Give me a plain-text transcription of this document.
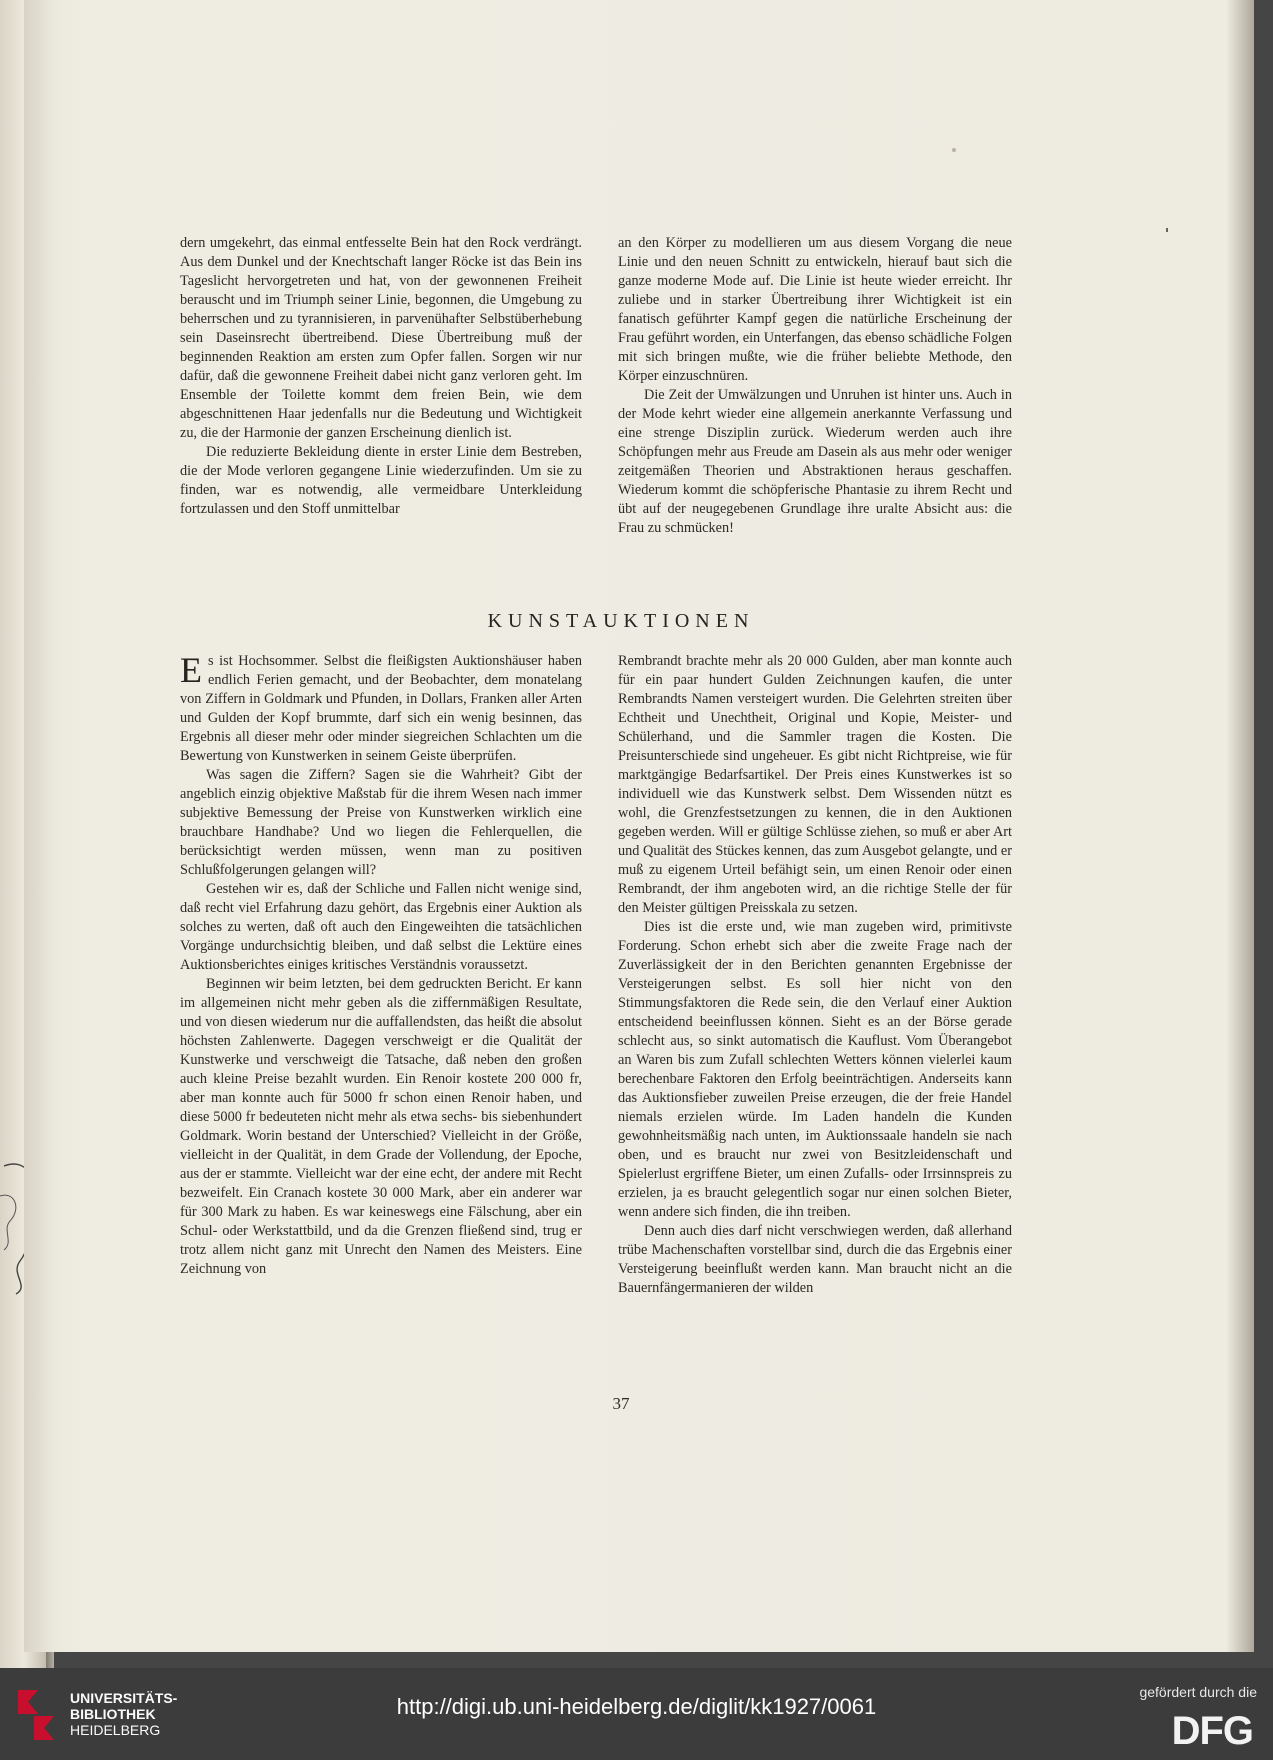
dern umgekehrt, das einmal entfesselte Bein hat den Rock verdrängt. Aus dem Dunkel und der Knechtschaft langer Röcke ist das Bein ins Tageslicht hervorgetreten und hat, von der gewonnenen Freiheit berauscht und im Triumph seiner Linie, begonnen, die Umgebung zu beherrschen und zu tyrannisieren, in parvenühafter Selbstüberhebung sein Daseinsrecht übertreibend. Diese Übertreibung muß der beginnenden Reaktion am ersten zum Opfer fallen. Sorgen wir nur dafür, daß die gewonnene Freiheit dabei nicht ganz verloren geht. Im Ensemble der Toilette kommt dem freien Bein, wie dem abgeschnittenen Haar jedenfalls nur die Bedeutung und Wichtigkeit zu, die der Harmonie der ganzen Erscheinung dienlich ist.

Die reduzierte Bekleidung diente in erster Linie dem Bestreben, die der Mode verloren gegangene Linie wiederzufinden. Um sie zu finden, war es notwendig, alle vermeidbare Unterkleidung fortzulassen und den Stoff unmittelbar

an den Körper zu modellieren um aus diesem Vorgang die neue Linie und den neuen Schnitt zu entwickeln, hierauf baut sich die ganze moderne Mode auf. Die Linie ist heute wieder erreicht. Ihr zuliebe und in starker Übertreibung ihrer Wichtigkeit ist ein fanatisch geführter Kampf gegen die natürliche Erscheinung der Frau geführt worden, ein Unterfangen, das ebenso schädliche Folgen mit sich bringen mußte, wie die früher beliebte Methode, den Körper einzuschnüren.

Die Zeit der Umwälzungen und Unruhen ist hinter uns. Auch in der Mode kehrt wieder eine allgemein anerkannte Verfassung und eine strenge Disziplin zurück. Wiederum werden auch ihre Schöpfungen mehr aus Freude am Dasein als aus mehr oder weniger zeitgemäßen Theorien und Abstraktionen heraus geschaffen. Wiederum kommt die schöpferische Phantasie zu ihrem Recht und übt auf der neugegebenen Grundlage ihre uralte Absicht aus: die Frau zu schmücken!

KUNSTAUKTIONEN

Es ist Hochsommer. Selbst die fleißigsten Auktionshäuser haben endlich Ferien gemacht, und der Beobachter, dem monatelang von Ziffern in Goldmark und Pfunden, in Dollars, Franken aller Arten und Gulden der Kopf brummte, darf sich ein wenig besinnen, das Ergebnis all dieser mehr oder minder siegreichen Schlachten um die Bewertung von Kunstwerken in seinem Geiste überprüfen.

Was sagen die Ziffern? Sagen sie die Wahrheit? Gibt der angeblich einzig objektive Maßstab für die ihrem Wesen nach immer subjektive Bemessung der Preise von Kunstwerken wirklich eine brauchbare Handhabe? Und wo liegen die Fehlerquellen, die berücksichtigt werden müssen, wenn man zu positiven Schlußfolgerungen gelangen will?

Gestehen wir es, daß der Schliche und Fallen nicht wenige sind, daß recht viel Erfahrung dazu gehört, das Ergebnis einer Auktion als solches zu werten, daß oft auch den Eingeweihten die tatsächlichen Vorgänge undurchsichtig bleiben, und daß selbst die Lektüre eines Auktionsberichtes einiges kritisches Verständnis voraussetzt.

Beginnen wir beim letzten, bei dem gedruckten Bericht. Er kann im allgemeinen nicht mehr geben als die ziffernmäßigen Resultate, und von diesen wiederum nur die auffallendsten, das heißt die absolut höchsten Zahlenwerte. Dagegen verschweigt er die Qualität der Kunstwerke und verschweigt die Tatsache, daß neben den großen auch kleine Preise bezahlt wurden. Ein Renoir kostete 200 000 fr, aber man konnte auch für 5000 fr schon einen Renoir haben, und diese 5000 fr bedeuteten nicht mehr als etwa sechs- bis siebenhundert Goldmark. Worin bestand der Unterschied? Vielleicht in der Größe, vielleicht in der Qualität, in dem Grade der Vollendung, der Epoche, aus der er stammte. Vielleicht war der eine echt, der andere mit Recht bezweifelt. Ein Cranach kostete 30 000 Mark, aber ein anderer war für 300 Mark zu haben. Es war keineswegs eine Fälschung, aber ein Schul- oder Werkstattbild, und da die Grenzen fließend sind, trug er trotz allem nicht ganz mit Unrecht den Namen des Meisters. Eine Zeichnung von

Rembrandt brachte mehr als 20 000 Gulden, aber man konnte auch für ein paar hundert Gulden Zeichnungen kaufen, die unter Rembrandts Namen versteigert wurden. Die Gelehrten streiten über Echtheit und Unechtheit, Original und Kopie, Meister- und Schülerhand, und die Sammler tragen die Kosten. Die Preisunterschiede sind ungeheuer. Es gibt nicht Richtpreise, wie für marktgängige Bedarfsartikel. Der Preis eines Kunstwerkes ist so individuell wie das Kunstwerk selbst. Dem Wissenden nützt es wohl, die Grenzfestsetzungen zu kennen, die in den Auktionen gegeben werden. Will er gültige Schlüsse ziehen, so muß er aber Art und Qualität des Stückes kennen, das zum Ausgebot gelangte, und er muß zu eigenem Urteil befähigt sein, um einen Renoir oder einen Rembrandt, der ihm angeboten wird, an die richtige Stelle der für den Meister gültigen Preisskala zu setzen.

Dies ist die erste und, wie man zugeben wird, primitivste Forderung. Schon erhebt sich aber die zweite Frage nach der Zuverlässigkeit der in den Berichten genannten Ergebnisse der Versteigerungen selbst. Es soll hier nicht von den Stimmungsfaktoren die Rede sein, die den Verlauf einer Auktion entscheidend beeinflussen können. Sieht es an der Börse gerade schlecht aus, so sinkt automatisch die Kauflust. Vom Überangebot an Waren bis zum Zufall schlechten Wetters können vielerlei kaum berechenbare Faktoren den Erfolg beeinträchtigen. Anderseits kann das Auktionsfieber zuweilen Preise erzeugen, die der freie Handel niemals erzielen würde. Im Laden handeln die Kunden gewohnheitsmäßig nach unten, im Auktionssaale handeln sie nach oben, und es braucht nur zwei von Besitzleidenschaft und Spielerlust ergriffene Bieter, um einen Zufalls- oder Irrsinnspreis zu erzielen, ja es braucht gelegentlich sogar nur einen solchen Bieter, wenn andere sich finden, die ihn treiben.

Denn auch dies darf nicht verschwiegen werden, daß allerhand trübe Machenschaften vorstellbar sind, durch die das Ergebnis einer Versteigerung beeinflußt werden kann. Man braucht nicht an die Bauernfängermanieren der wilden

37
UNIVERSITÄTS-
BIBLIOTHEK
HEIDELBERG
http://digi.ub.uni-heidelberg.de/diglit/kk1927/0061
gefördert durch die
DFG
